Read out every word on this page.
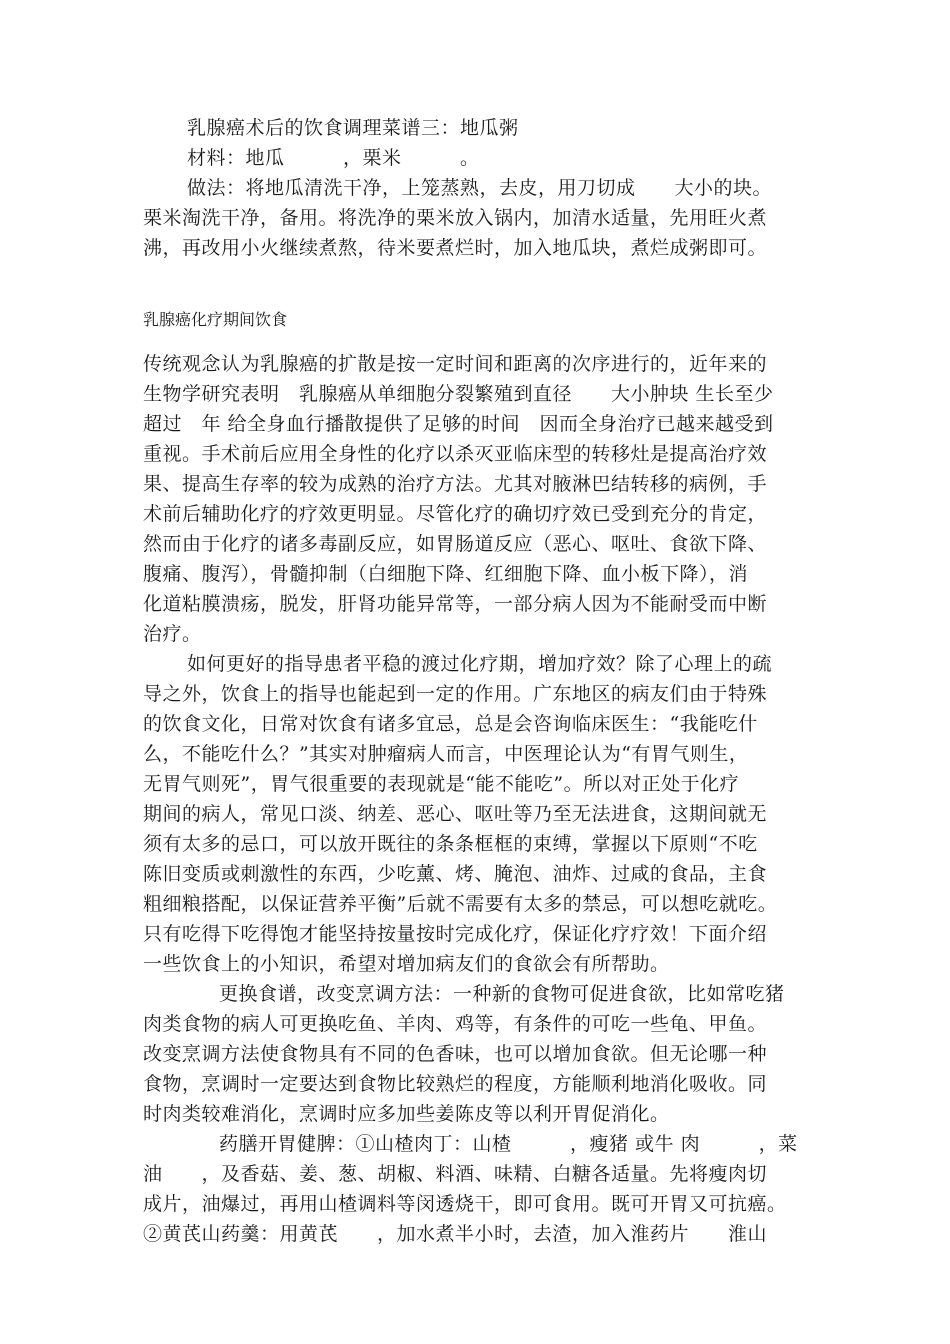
乳腺癌术后的饮食调理菜谱三：地瓜粥
材料：地瓜　　　，栗米　　　。
做法：将地瓜清洗干净，上笼蒸熟，去皮，用刀切成　　大小的块。
栗米淘洗干净，备用。将洗净的栗米放入锅内，加清水适量，先用旺火煮
沸，再改用小火继续煮熬，待米要煮烂时，加入地瓜块，煮烂成粥即可。
乳腺癌化疗期间饮食
传统观念认为乳腺癌的扩散是按一定时间和距离的次序进行的，近年来的
生物学研究表明　乳腺癌从单细胞分裂繁殖到直径　　大小肿块 生长至少
超过　年 给全身血行播散提供了足够的时间　因而全身治疗已越来越受到
重视。手术前后应用全身性的化疗以杀灭亚临床型的转移灶是提高治疗效
果、提高生存率的较为成熟的治疗方法。尤其对腋淋巴结转移的病例，手
术前后辅助化疗的疗效更明显。尽管化疗的确切疗效已受到充分的肯定，
然而由于化疗的诸多毒副反应，如胃肠道反应（恶心、呕吐、食欲下降、
腹痛、腹泻），骨髓抑制（白细胞下降、红细胞下降、血小板下降），消
化道粘膜溃疡，脱发，肝肾功能异常等，一部分病人因为不能耐受而中断
治疗。
如何更好的指导患者平稳的渡过化疗期，增加疗效？除了心理上的疏
导之外，饮食上的指导也能起到一定的作用。广东地区的病友们由于特殊
的饮食文化，日常对饮食有诸多宜忌，总是会咨询临床医生：“我能吃什
么，不能吃什么？”其实对肿瘤病人而言，中医理论认为“有胃气则生，
无胃气则死”，胃气很重要的表现就是“能不能吃”。所以对正处于化疗
期间的病人，常见口淡、纳差、恶心、呕吐等乃至无法进食，这期间就无
须有太多的忌口，可以放开既往的条条框框的束缚，掌握以下原则“不吃
陈旧变质或刺激性的东西，少吃薰、烤、腌泡、油炸、过咸的食品，主食
粗细粮搭配，以保证营养平衡”后就不需要有太多的禁忌，可以想吃就吃。
只有吃得下吃得饱才能坚持按量按时完成化疗，保证化疗疗效！下面介绍
一些饮食上的小知识，希望对增加病友们的食欲会有所帮助。
更换食谱，改变烹调方法：一种新的食物可促进食欲，比如常吃猪
肉类食物的病人可更换吃鱼、羊肉、鸡等，有条件的可吃一些龟、甲鱼。
改变烹调方法使食物具有不同的色香味，也可以增加食欲。但无论哪一种
食物，烹调时一定要达到食物比较熟烂的程度，方能顺利地消化吸收。同
时肉类较难消化，烹调时应多加些姜陈皮等以利开胃促消化。
药膳开胃健脾：①山楂肉丁：山楂　　　，瘦猪 或牛 肉　　　，菜
油　　，及香菇、姜、葱、胡椒、料酒、味精、白糖各适量。先将瘦肉切
成片，油爆过，再用山楂调料等闵透烧干，即可食用。既可开胃又可抗癌。
②黄芪山药羹：用黄芪　　，加水煮半小时，去渣，加入淮药片　　淮山
